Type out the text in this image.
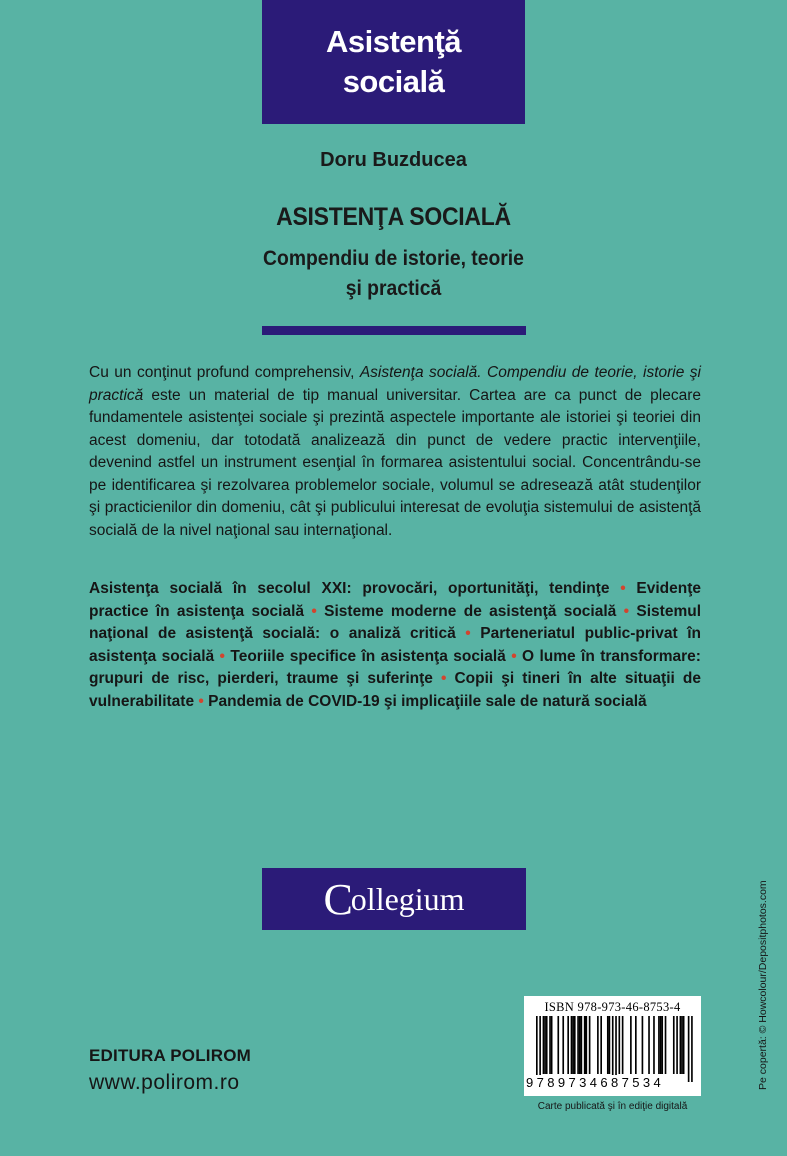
Asistenţă
socială
Doru Buzducea
ASISTENŢA SOCIALĂ
Compendiu de istorie, teorie
şi practică

Cu un conţinut profund comprehensiv, Asistenţa socială. Compendiu de teorie, istorie şi practică este un material de tip manual universitar. Cartea are ca punct de plecare fundamentele asistenţei sociale şi prezintă aspectele importante ale istoriei şi teoriei din acest domeniu, dar totodată analizează din punct de vedere practic intervenţiile, devenind astfel un instrument esenţial în formarea asistentului social. Concentrându-se pe identificarea şi rezolvarea problemelor sociale, volumul se adresează atât studenţilor şi practicienilor din domeniu, cât şi publicului interesat de evoluţia sistemului de asistenţă socială de la nivel naţional sau internaţional.

Asistenţa socială în secolul XXI: provocări, oportunităţi, tendinţe • Evidenţe practice în asistenţa socială • Sisteme moderne de asistenţă socială • Sistemul naţional de asistenţă socială: o analiză critică • Parteneriatul public-privat în asistenţa socială • Teoriile specifice în asistenţa socială • O lume în transformare: grupuri de risc, pierderi, traume şi suferinţe • Copii şi tineri în alte situaţii de vulnerabilitate • Pandemia de COVID-19 şi implicaţiile sale de natură socială
C
ollegium
EDITURA POLIROM
www.polirom.ro
ISBN 978-973-46-8753-4
9789734687534
Carte publicată şi în ediţie digitală
Pe copertă: © Howcolour/Depositphotos.com
